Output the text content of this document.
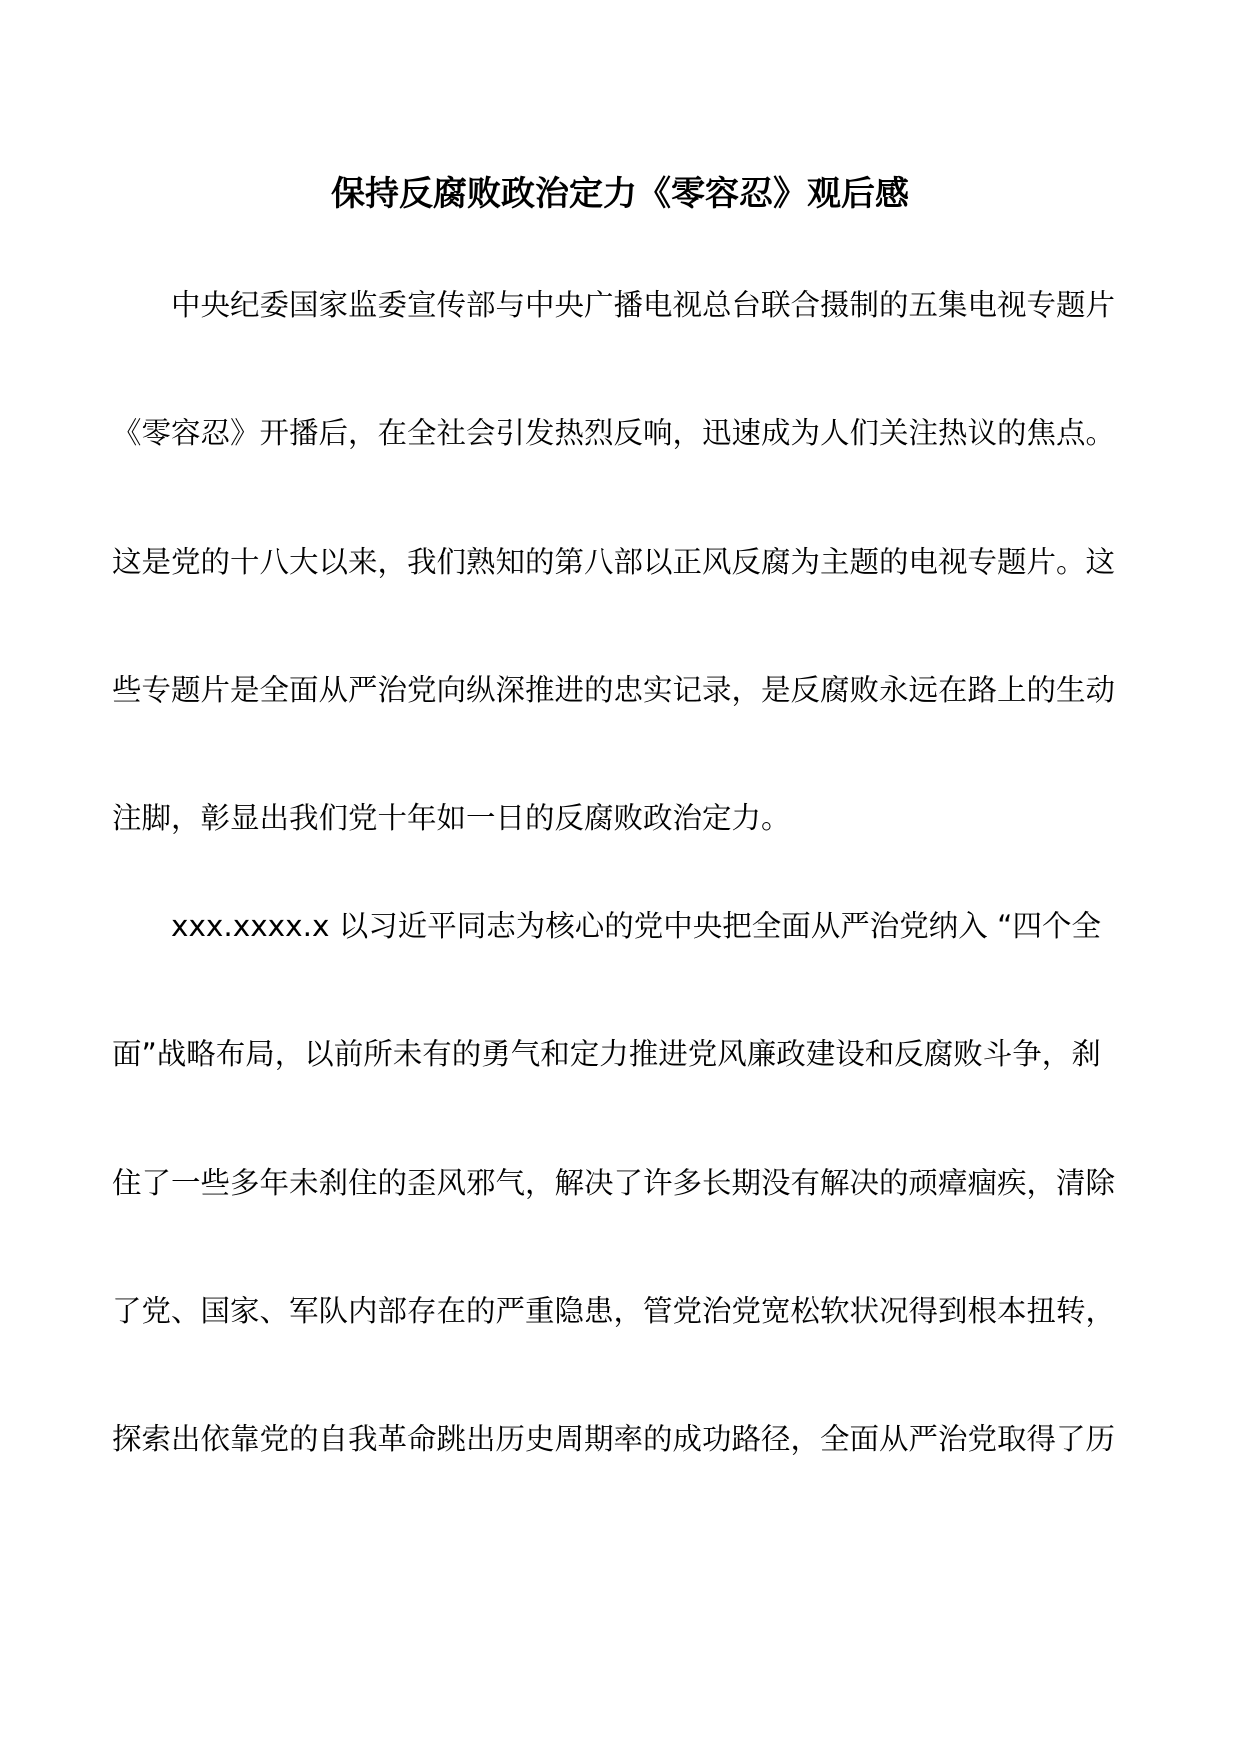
保持反腐败政治定力《零容忍》观后感
中央纪委国家监委宣传部与中央广播电视总台联合摄制的五集电视专题片
《零容忍》开播后，在全社会引发热烈反响，迅速成为人们关注热议的焦点。
这是党的十八大以来，我们熟知的第八部以正风反腐为主题的电视专题片。这
些专题片是全面从严治党向纵深推进的忠实记录，是反腐败永远在路上的生动
注脚，彰显出我们党十年如一日的反腐败政治定力。
xxx.xxxx.x 以习近平同志为核心的党中央把全面从严治党纳入 “四个全
面”战略布局，以前所未有的勇气和定力推进党风廉政建设和反腐败斗争，刹
住了一些多年未刹住的歪风邪气，解决了许多长期没有解决的顽瘴痼疾，清除
了党、国家、军队内部存在的严重隐患，管党治党宽松软状况得到根本扭转，
探索出依靠党的自我革命跳出历史周期率的成功路径，全面从严治党取得了历
